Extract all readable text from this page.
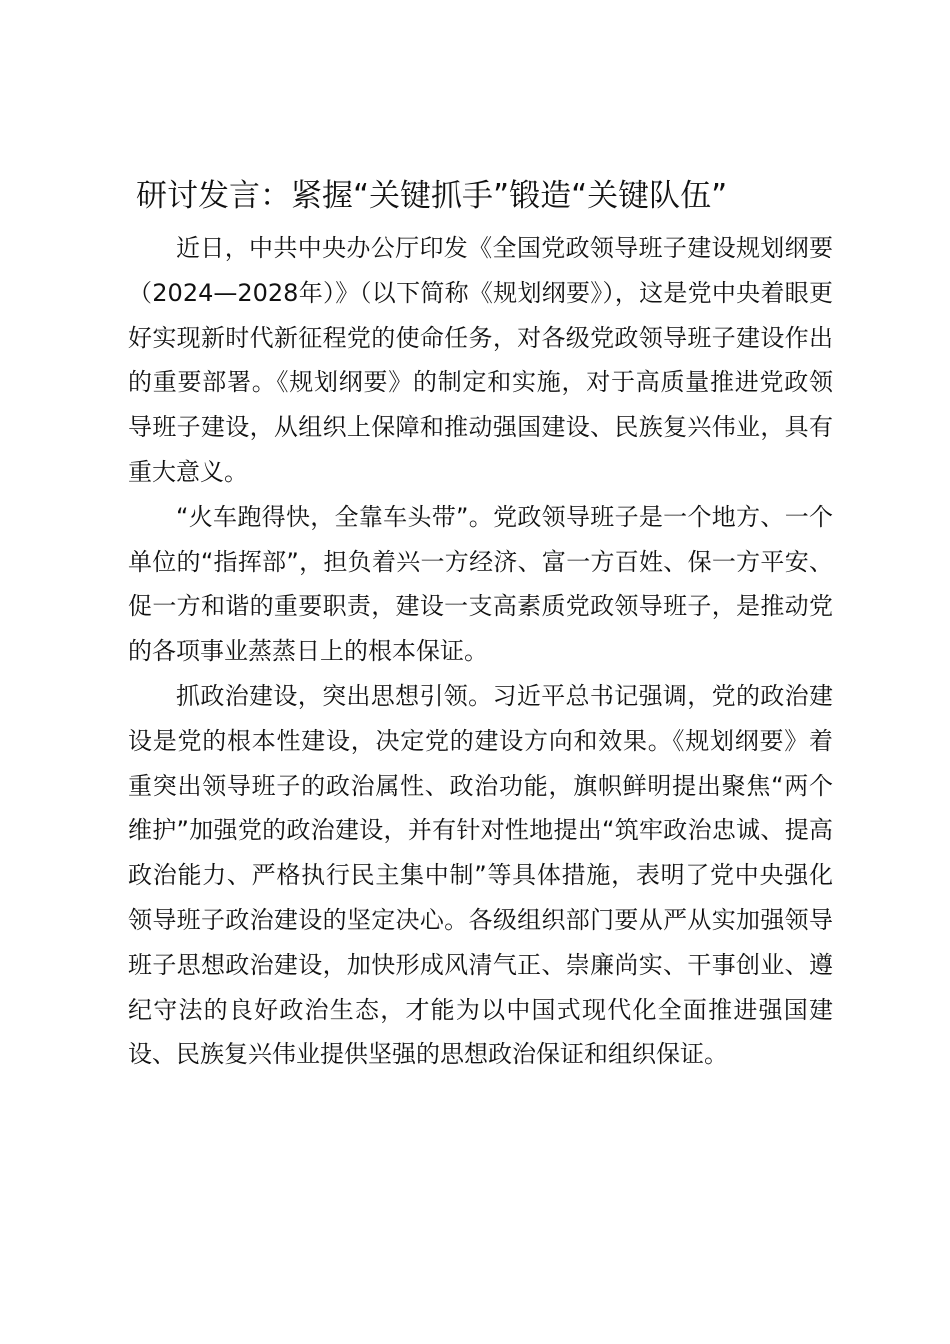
研讨发言：紧握“关键抓手”锻造“关键队伍”

近日，中共中央办公厅印发《全国党政领导班子建设规划纲要（2024—2028年）》（以下简称《规划纲要》），这是党中央着眼更好实现新时代新征程党的使命任务，对各级党政领导班子建设作出的重要部署。《规划纲要》的制定和实施，对于高质量推进党政领导班子建设，从组织上保障和推动强国建设、民族复兴伟业，具有重大意义。

“火车跑得快，全靠车头带”。党政领导班子是一个地方、一个单位的“指挥部”，担负着兴一方经济、富一方百姓、保一方平安、促一方和谐的重要职责，建设一支高素质党政领导班子，是推动党的各项事业蒸蒸日上的根本保证。

抓政治建设，突出思想引领。习近平总书记强调，党的政治建设是党的根本性建设，决定党的建设方向和效果。《规划纲要》着重突出领导班子的政治属性、政治功能，旗帜鲜明提出聚焦“两个维护”加强党的政治建设，并有针对性地提出“筑牢政治忠诚、提高政治能力、严格执行民主集中制”等具体措施，表明了党中央强化领导班子政治建设的坚定决心。各级组织部门要从严从实加强领导班子思想政治建设，加快形成风清气正、崇廉尚实、干事创业、遵纪守法的良好政治生态，才能为以中国式现代化全面推进强国建设、民族复兴伟业提供坚强的思想政治保证和组织保证。
